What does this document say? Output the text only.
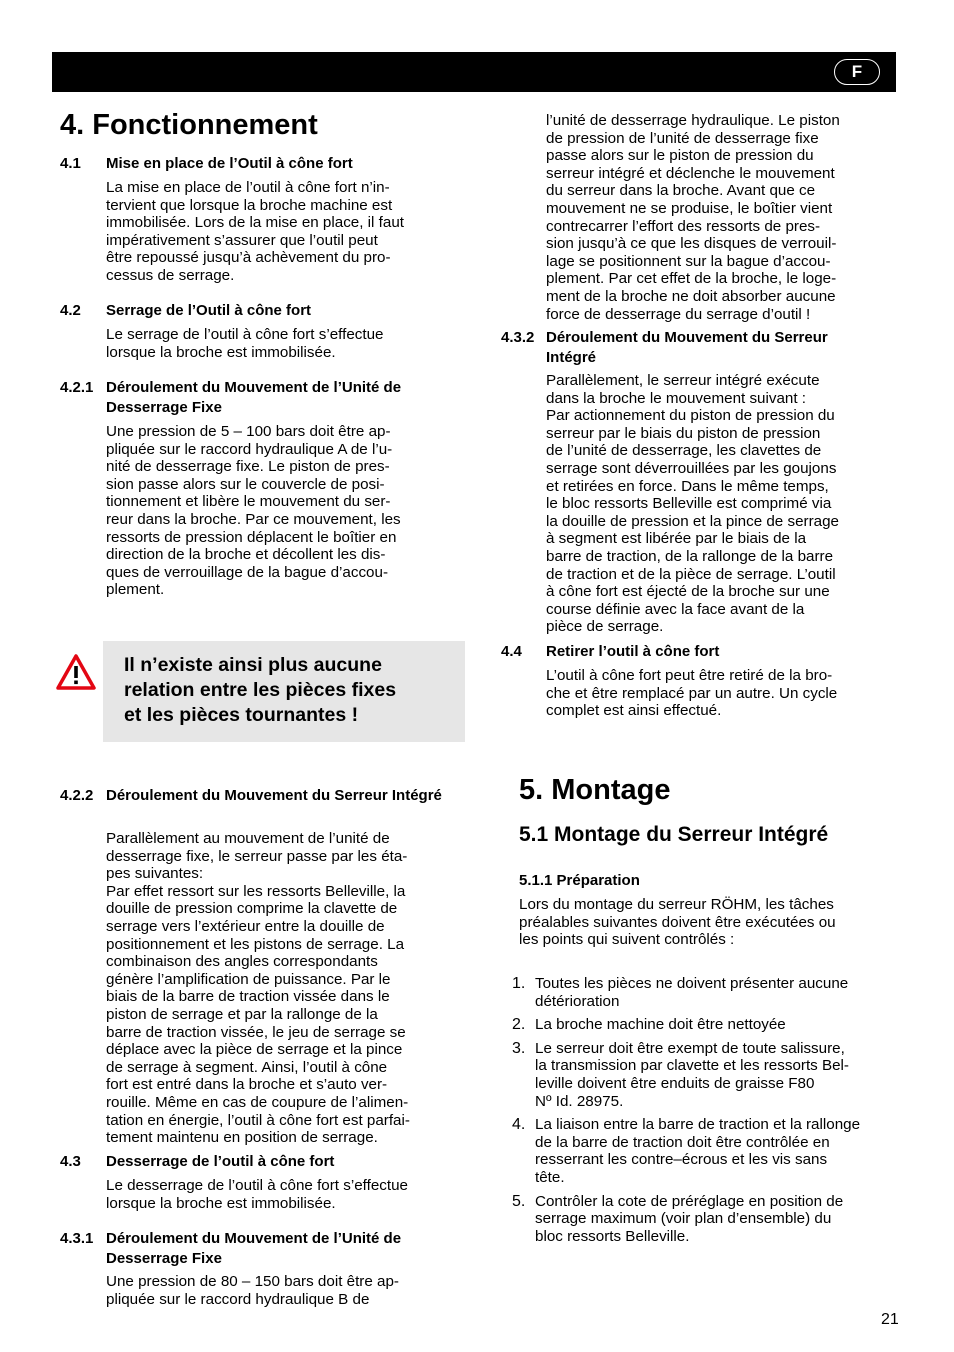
F
4. Fonctionnement
4.1 Mise en place de l’Outil à cône fort
La mise en place de l’outil à cône fort n’in-
tervient que lorsque la broche machine est
immobilisée. Lors de la mise en place, il faut
impérativement s’assurer que l’outil peut
être repoussé jusqu’à achèvement du pro-
cessus de serrage.
4.2 Serrage de l’Outil à cône fort
Le serrage de l’outil à cône fort s’effectue
lorsque la broche est immobilisée.
4.2.1 Déroulement du Mouvement de l’Unité de Desserrage Fixe
Une pression de 5 – 100 bars doit être ap-
pliquée sur le raccord hydraulique A de l’u-
nité de desserrage fixe. Le piston de pres-
sion passe alors sur le couvercle de posi-
tionnement et libère le mouvement du ser-
reur dans la broche. Par ce mouvement, les
ressorts de pression déplacent le boîtier en
direction de la broche et décollent les dis-
ques de verrouillage de la bague d’accou-
plement.
Il n’existe ainsi plus aucune
relation entre les pièces fixes
et les pièces tournantes !
4.2.2 Déroulement du Mouvement du Serreur Intégré
Parallèlement au mouvement de l’unité de
desserrage fixe, le serreur passe par les éta-
pes suivantes:
Par effet ressort sur les ressorts Belleville, la
douille de pression comprime la clavette de
serrage vers l’extérieur entre la douille de
positionnement et les pistons de serrage. La
combinaison des angles correspondants
génère l’amplification de puissance. Par le
biais de la barre de traction vissée dans le
piston de serrage et par la rallonge de la
barre de traction vissée, le jeu de serrage se
déplace avec la pièce de serrage et la pince
de serrage à segment. Ainsi, l’outil à cône
fort est entré dans la broche et s’auto ver-
rouille. Même en cas de coupure de l’alimen-
tation en énergie, l’outil à cône fort est parfai-
tement maintenu en position de serrage.
4.3 Desserrage de l’outil à cône fort
Le desserrage de l’outil à cône fort s’effectue
lorsque la broche est immobilisée.
4.3.1 Déroulement du Mouvement de l’Unité de Desserrage Fixe
Une pression de 80 – 150 bars doit être ap-
pliquée sur le raccord hydraulique B de
l’unité de desserrage hydraulique. Le piston
de pression de l’unité de desserrage fixe
passe alors sur le piston de pression du
serreur intégré et déclenche le mouvement
du serreur dans la broche. Avant que ce
mouvement ne se produise, le boîtier vient
contrecarrer l’effort des ressorts de pres-
sion jusqu’à ce que les disques de verrouil-
lage se positionnent sur la bague d’accou-
plement. Par cet effet de la broche, le loge-
ment de la broche ne doit absorber aucune
force de desserrage du serrage d’outil !
4.3.2 Déroulement du Mouvement du Serreur Intégré
Parallèlement, le serreur intégré exécute
dans la broche le mouvement suivant :
Par actionnement du piston de pression du
serreur par le biais du piston de pression
de l’unité de desserrage, les clavettes de
serrage sont déverrouillées par les goujons
et retirées en force. Dans le même temps,
le bloc ressorts Belleville est comprimé via
la douille de pression et la pince de serrage
à segment est libérée par le biais de la
barre de traction, de la rallonge de la barre
de traction et de la pièce de serrage. L’outil
à cône fort est éjecté de la broche sur une
course définie avec la face avant de la
pièce de serrage.
4.4 Retirer l’outil à cône fort
L’outil à cône fort peut être retiré de la bro-
che et être remplacé par un autre. Un cycle
complet est ainsi effectué.
5. Montage
5.1 Montage du Serreur Intégré
5.1.1 Préparation
Lors du montage du serreur RÖHM, les tâches
préalables suivantes doivent être exécutées ou
les points qui suivent contrôlés :
1. Toutes les pièces ne doivent présenter aucune
détérioration
2. La broche machine doit être nettoyée
3. Le serreur doit être exempt de toute salissure,
la transmission par clavette et les ressorts Bel-
leville doivent être enduits de graisse F80
Nº Id. 28975.
4. La liaison entre la barre de traction et la rallonge
de la barre de traction doit être contrôlée en
resserrant les contre–écrous et les vis sans
tête.
5. Contrôler la cote de préréglage en position de
serrage maximum (voir plan d’ensemble) du
bloc ressorts Belleville.
21
